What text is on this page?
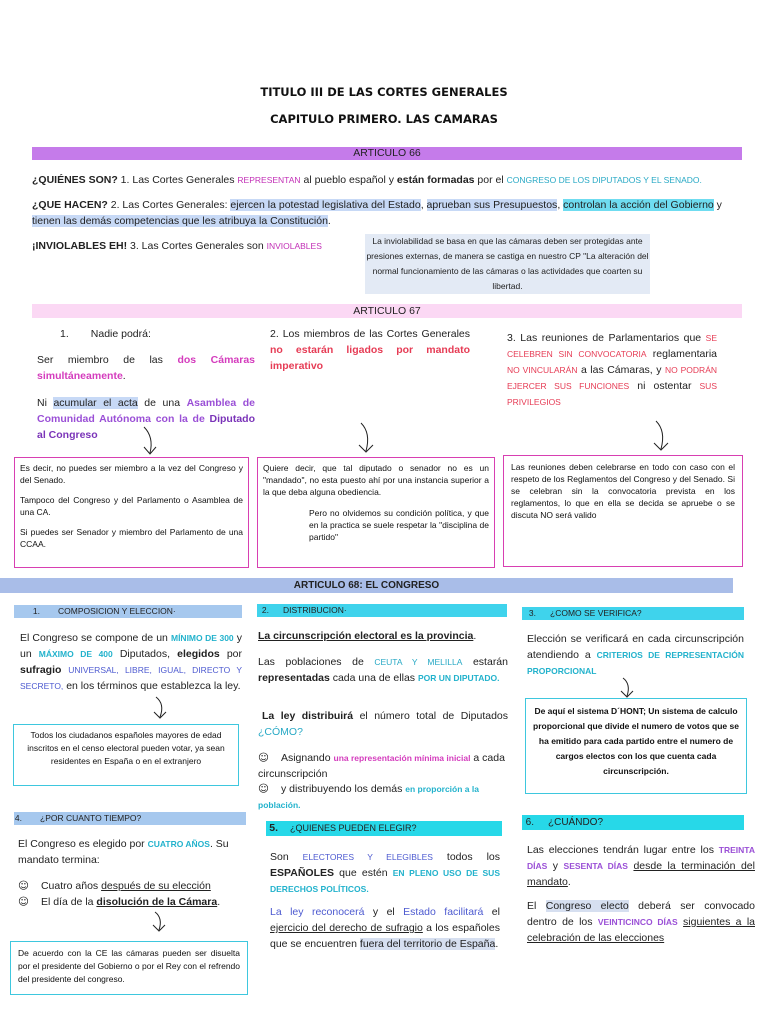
TITULO III DE LAS CORTES GENERALES
CAPITULO PRIMERO. LAS CAMARAS
ARTICULO 66
¿QUIÉNES SON? 1. Las Cortes Generales REPRESENTAN al pueblo español y están formadas por el CONGRESO DE LOS DIPUTADOS Y EL SENADO.
¿QUE HACEN? 2. Las Cortes Generales: ejercen la potestad legislativa del Estado, aprueban sus Presupuestos, controlan la acción del Gobierno y tienen las demás competencias que les atribuya la Constitución.
¡INVIOLABLES EH! 3. Las Cortes Generales son INVIOLABLES	La inviolabilidad se basa en que las cámaras deben ser protegidas ante presiones externas, de manera se castiga en nuestro CP "La alteración del normal funcionamiento de las cámaras o las actividades que coarten su libertad.
ARTICULO 67
1. Nadie podrá:
Ser miembro de las dos Cámaras simultáneamente.
Ni acumular el acta de una Asamblea de Comunidad Autónoma con la de Diputado al Congreso
2. Los miembros de las Cortes Generales no estarán ligados por mandato imperativo
3. Las reuniones de Parlamentarios que SE CELEBREN SIN CONVOCATORIA reglamentaria NO VINCULARÁN a las Cámaras, y NO PODRÁN EJERCER SUS FUNCIONES ni ostentar SUS PRIVILEGIOS
Es decir, no puedes ser miembro a la vez del Congreso y del Senado.
Tampoco del Congreso y del Parlamento o Asamblea de una CA.
Si puedes ser Senador y miembro del Parlamento de una CCAA.
Quiere decir, que tal diputado o senador no es un "mandado", no esta puesto ahí por una instancia superior a la que deba alguna obediencia.
Pero no olvidemos su condición política, y que en la practica se suele respetar la "disciplina de partido"
Las reuniones deben celebrarse en todo con caso con el respeto de los Reglamentos del Congreso y del Senado. Si se celebran sin la convocatoria prevista en los reglamentos, lo que en ella se decida se apruebe o se discuta NO será valido
ARTICULO 68: EL CONGRESO
1. COMPOSICION Y ELECCION·
El Congreso se compone de un MÍNIMO DE 300 y un MÁXIMO DE 400 Diputados, elegidos por sufragio UNIVERSAL, LIBRE, IGUAL, DIRECTO Y SECRETO, en los términos que establezca la ley.
Todos los ciudadanos españoles mayores de edad inscritos en el censo electoral pueden votar, ya sean residentes en España o en el extranjero
2. DISTRIBUCION·
La circunscripción electoral es la provincia.
Las poblaciones de CEUTA Y MELILLA estarán representadas cada una de ellas POR UN DIPUTADO.
La ley distribuirá el número total de Diputados ¿CÓMO?
☺ Asignando una representación mínima inicial a cada circunscripción
☺ y distribuyendo los demás en proporción a la población.
3. ¿COMO SE VERIFICA?
Elección se verificará en cada circunscripción atendiendo a CRITERIOS DE REPRESENTACIÓN PROPORCIONAL
De aquí el sistema D´HONT; Un sistema de calculo proporcional que divide el numero de votos que se ha emitido para cada partido entre el numero de cargos electos con los que cuenta cada circunscripción.
4. ¿POR CUANTO TIEMPO?
El Congreso es elegido por CUATRO AÑOS. Su mandato termina:
☺ Cuatro años después de su elección
☺ El día de la disolución de la Cámara.
De acuerdo con la CE las cámaras pueden ser disuelta por el presidente del Gobierno o por el Rey con el refrendo del presidente del congreso.
5. ¿QUIENES PUEDEN ELEGIR?
Son ELECTORES Y ELEGIBLES todos los ESPAÑOLES que estén EN PLENO USO DE SUS DERECHOS POLÍTICOS.
La ley reconocerá y el Estado facilitará el ejercicio del derecho de sufragio a los españoles que se encuentren fuera del territorio de España.
6. ¿CUÁNDO?
Las elecciones tendrán lugar entre los TREINTA DÍAS y SESENTA DÍAS desde la terminación del mandato.
El Congreso electo deberá ser convocado dentro de los VEINTICINCO DÍAS siguientes a la celebración de las elecciones
